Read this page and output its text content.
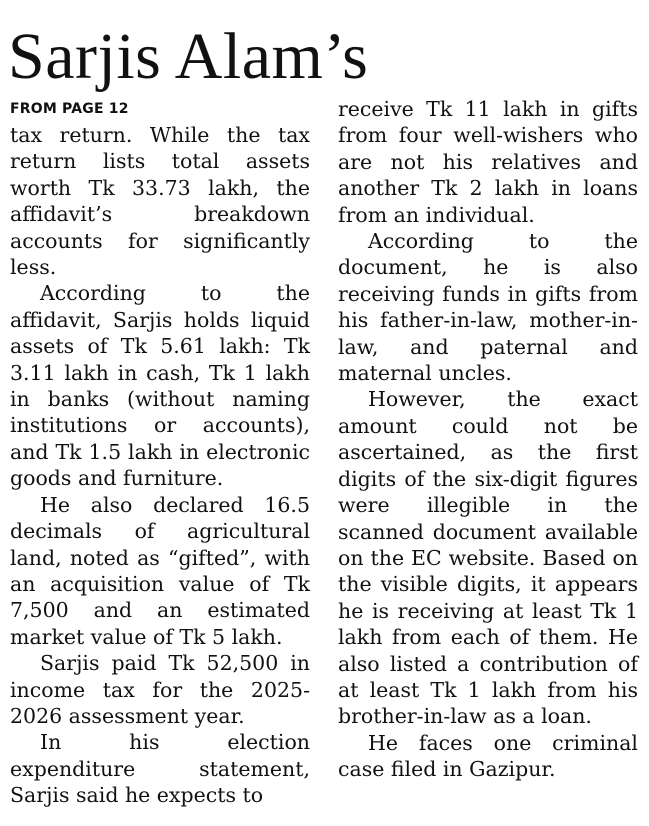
Sarjis Alam’s
FROM PAGE 12

tax return. While the tax return lists total assets worth Tk 33.73 lakh, the affidavit’s breakdown accounts for significantly less.

According to the affidavit, Sarjis holds liquid assets of Tk 5.61 lakh: Tk 3.11 lakh in cash, Tk 1 lakh in banks (without naming institutions or accounts), and Tk 1.5 lakh in electronic goods and furniture.

He also declared 16.5 decimals of agricultural land, noted as “gifted”, with an acquisition value of Tk 7,500 and an estimated market value of Tk 5 lakh.

Sarjis paid Tk 52,500 in income tax for the 2025-2026 assessment year.

In his election expenditure statement, Sarjis said he expects to

receive Tk 11 lakh in gifts from four well-wishers who are not his relatives and another Tk 2 lakh in loans from an individual.

According to the document, he is also receiving funds in gifts from his father-in-law, mother-in-law, and paternal and maternal uncles.

However, the exact amount could not be ascertained, as the first digits of the six-digit figures were illegible in the scanned document available on the EC website. Based on the visible digits, it appears he is receiving at least Tk 1 lakh from each of them. He also listed a contribution of at least Tk 1 lakh from his brother-in-law as a loan.

He faces one criminal case filed in Gazipur.
